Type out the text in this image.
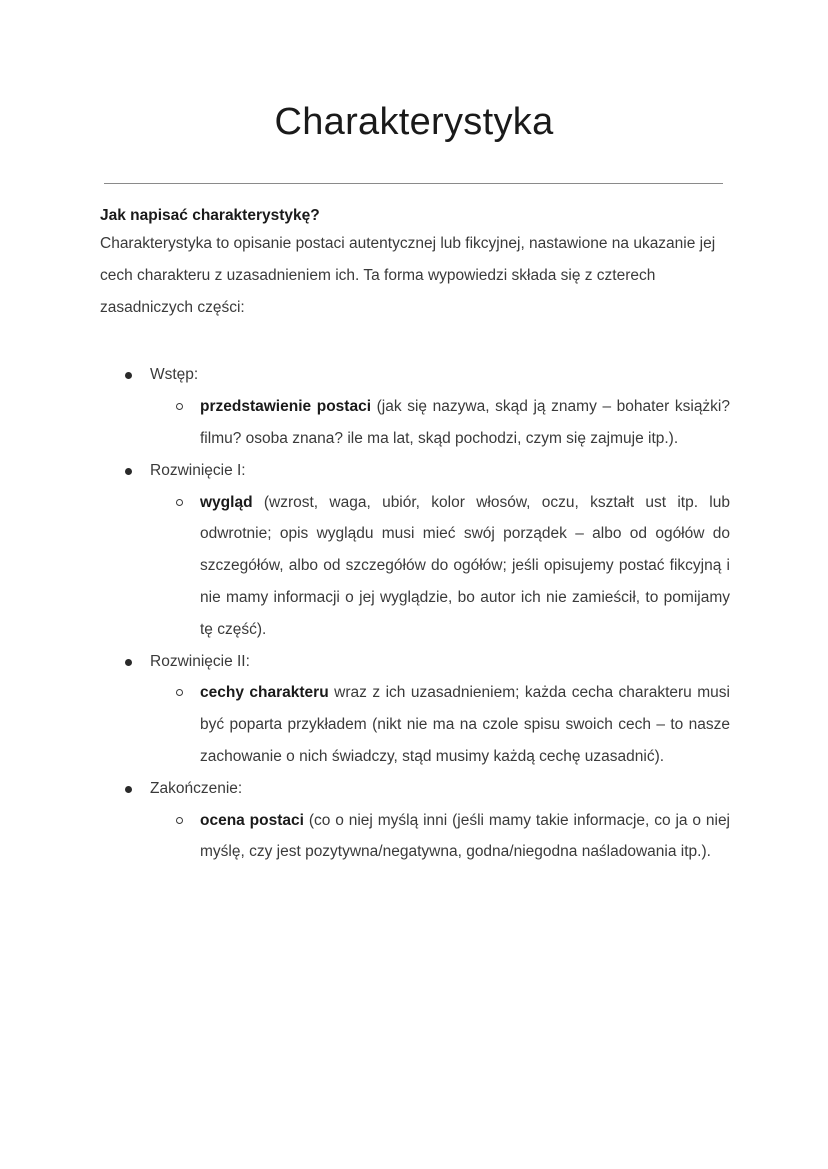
Charakterystyka

Jak napisać charakterystykę?

Charakterystyka to opisanie postaci autentycznej lub fikcyjnej, nastawione na ukazanie jej cech charakteru z uzasadnieniem ich. Ta forma wypowiedzi składa się z czterech zasadniczych części:

Wstęp:
przedstawienie postaci (jak się nazywa, skąd ją znamy – bohater książki? filmu? osoba znana? ile ma lat, skąd pochodzi, czym się zajmuje itp.).
Rozwinięcie I:
wygląd (wzrost, waga, ubiór, kolor włosów, oczu, kształt ust itp. lub odwrotnie; opis wyglądu musi mieć swój porządek – albo od ogółów do szczegółów, albo od szczegółów do ogółów; jeśli opisujemy postać fikcyjną i nie mamy informacji o jej wyglądzie, bo autor ich nie zamieścił, to pomijamy tę część).
Rozwinięcie II:
cechy charakteru wraz z ich uzasadnieniem; każda cecha charakteru musi być poparta przykładem (nikt nie ma na czole spisu swoich cech – to nasze zachowanie o nich świadczy, stąd musimy każdą cechę uzasadnić).
Zakończenie:
ocena postaci (co o niej myślą inni (jeśli mamy takie informacje, co ja o niej myślę, czy jest pozytywna/negatywna, godna/niegodna naśladowania itp.).
